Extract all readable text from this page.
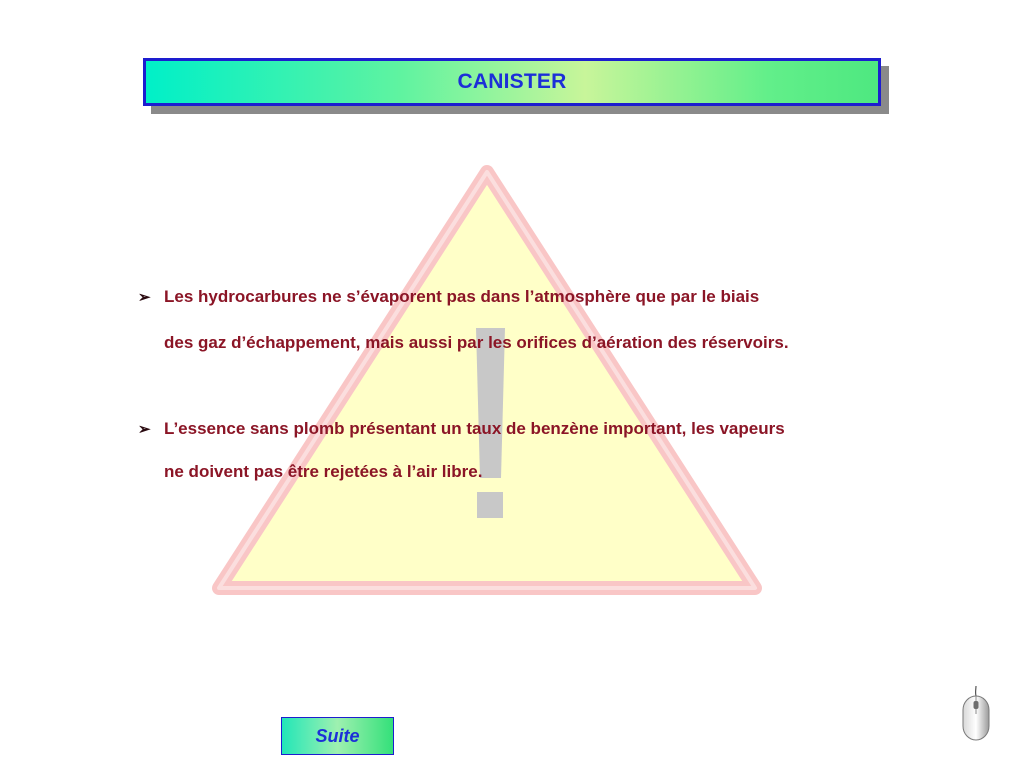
CANISTER
➢ Les hydrocarbures ne s’évaporent pas dans l’atmosphère que par le biais
des gaz d’échappement, mais aussi par les orifices d’aération des réservoirs.
➢ L’essence sans plomb présentant un taux de benzène important, les vapeurs
ne doivent pas être rejetées à l’air libre.
Suite
